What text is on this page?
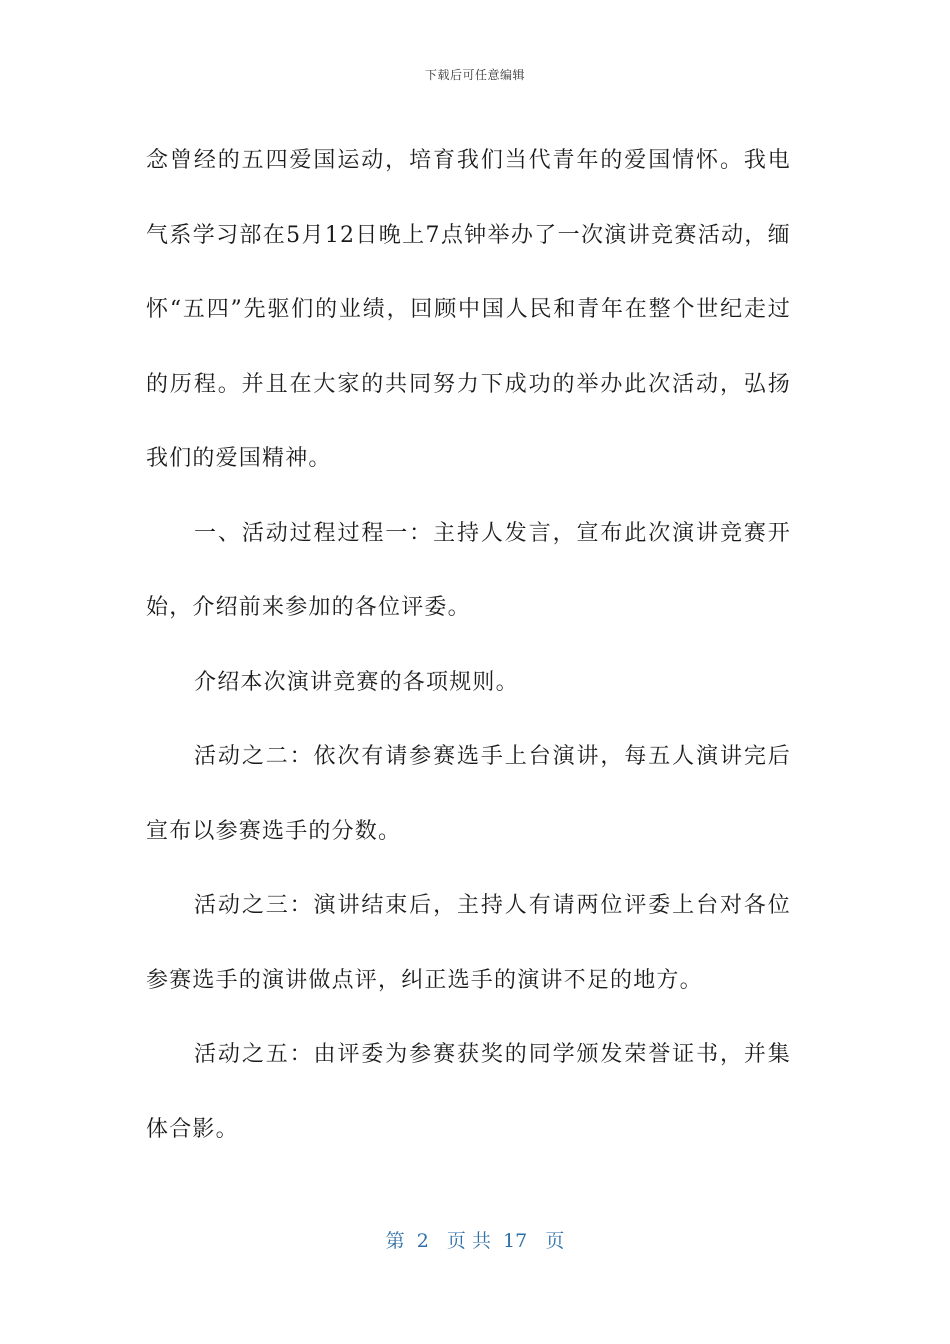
下载后可任意编辑

念曾经的五四爱国运动，培育我们当代青年的爱国情怀。我电气系学习部在5月12日晚上7点钟举办了一次演讲竞赛活动，缅怀“五四”先驱们的业绩，回顾中国人民和青年在整个世纪走过的历程。并且在大家的共同努力下成功的举办此次活动，弘扬我们的爱国精神。

一、活动过程过程一：主持人发言，宣布此次演讲竞赛开始，介绍前来参加的各位评委。

介绍本次演讲竞赛的各项规则。

活动之二：依次有请参赛选手上台演讲，每五人演讲完后宣布以参赛选手的分数。

活动之三：演讲结束后，主持人有请两位评委上台对各位参赛选手的演讲做点评，纠正选手的演讲不足的地方。

活动之五：由评委为参赛获奖的同学颁发荣誉证书，并集体合影。

第  2   页 共  17   页
